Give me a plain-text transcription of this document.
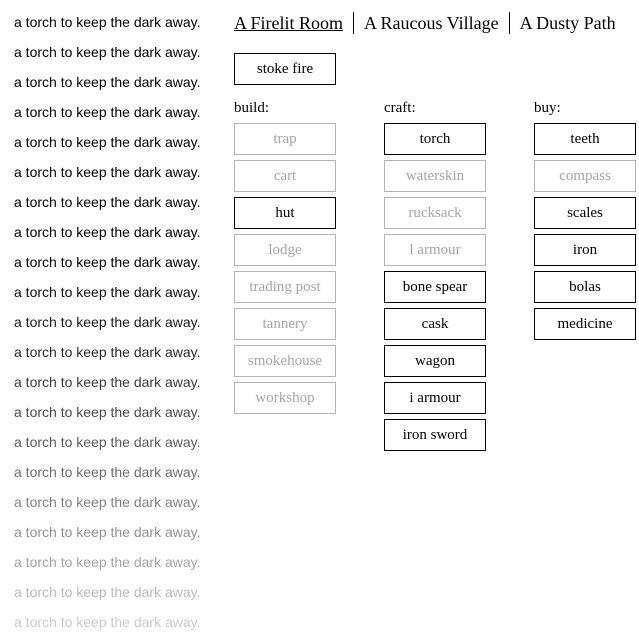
a torch to keep the dark away.
a torch to keep the dark away.
a torch to keep the dark away.
a torch to keep the dark away.
a torch to keep the dark away.
a torch to keep the dark away.
a torch to keep the dark away.
a torch to keep the dark away.
a torch to keep the dark away.
a torch to keep the dark away.
a torch to keep the dark away.
a torch to keep the dark away.
a torch to keep the dark away.
a torch to keep the dark away.
a torch to keep the dark away.
a torch to keep the dark away.
a torch to keep the dark away.
a torch to keep the dark away.
a torch to keep the dark away.
a torch to keep the dark away.
a torch to keep the dark away.
A Firelit Room A Raucous Village A Dusty Path
stoke fire
build:
trap
cart
hut
lodge
trading post
tannery
smokehouse
workshop
craft:
torch
waterskin
rucksack
l armour
bone spear
cask
wagon
i armour
iron sword
buy:
teeth
compass
scales
iron
bolas
medicine
